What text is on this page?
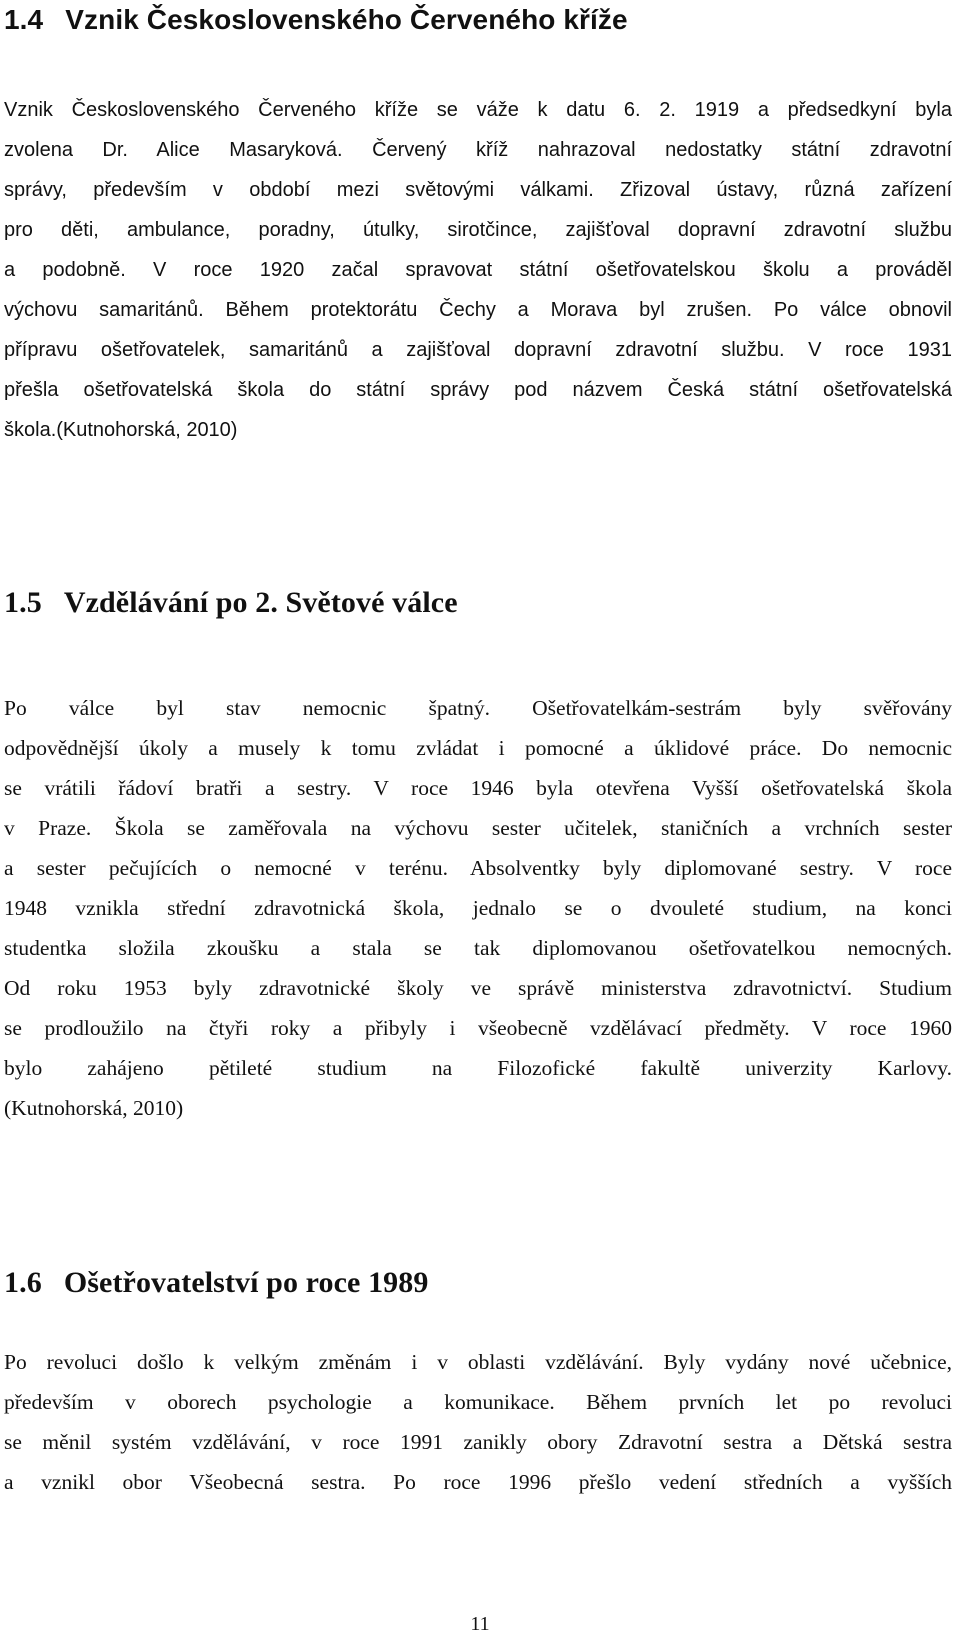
1.4 Vznik Československého Červeného kříže
Vznik Československého Červeného kříže se váže k datu 6. 2. 1919 a předsedkyní byla
zvolena Dr. Alice Masaryková. Červený kříž nahrazoval nedostatky státní zdravotní
správy, především v období mezi světovými válkami. Zřizoval ústavy, různá zařízení
pro děti, ambulance, poradny, útulky, sirotčince, zajišťoval dopravní zdravotní službu
a podobně. V roce 1920 začal spravovat státní ošetřovatelskou školu a prováděl
výchovu samaritánů. Během protektorátu Čechy a Morava byl zrušen. Po válce obnovil
přípravu ošetřovatelek, samaritánů a zajišťoval dopravní zdravotní službu. V roce 1931
přešla ošetřovatelská škola do státní správy pod názvem Česká státní ošetřovatelská
škola.(Kutnohorská, 2010)
1.5 Vzdělávání po 2. Světové válce
Po válce byl stav nemocnic špatný. Ošetřovatelkám-sestrám byly svěřovány
odpovědnější úkoly a musely k tomu zvládat i pomocné a úklidové práce. Do nemocnic
se vrátili řádoví bratři a sestry. V roce 1946 byla otevřena Vyšší ošetřovatelská škola
v Praze. Škola se zaměřovala na výchovu sester učitelek, staničních a vrchních sester
a sester pečujících o nemocné v terénu. Absolventky byly diplomované sestry. V roce
1948 vznikla střední zdravotnická škola, jednalo se o dvouleté studium, na konci
studentka složila zkoušku a stala se tak diplomovanou ošetřovatelkou nemocných.
Od roku 1953 byly zdravotnické školy ve správě ministerstva zdravotnictví. Studium
se prodloužilo na čtyři roky a přibyly i všeobecně vzdělávací předměty. V roce 1960
bylo zahájeno pětileté studium na Filozofické fakultě univerzity Karlovy.
(Kutnohorská, 2010)
1.6 Ošetřovatelství po roce 1989
Po revoluci došlo k velkým změnám i v oblasti vzdělávání. Byly vydány nové učebnice,
především v oborech psychologie a komunikace. Během prvních let po revoluci
se měnil systém vzdělávání, v roce 1991 zanikly obory Zdravotní sestra a Dětská sestra
a vznikl obor Všeobecná sestra. Po roce 1996 přešlo vedení středních a vyšších
11
